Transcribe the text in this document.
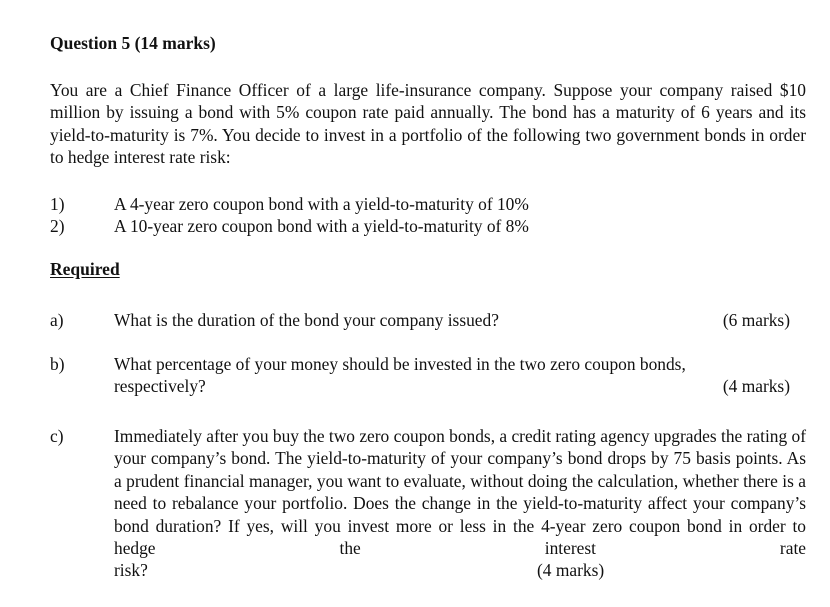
Question 5 (14 marks)

You are a Chief Finance Officer of a large life-insurance company. Suppose your company raised $10 million by issuing a bond with 5% coupon rate paid annually. The bond has a maturity of 6 years and its yield-to-maturity is 7%. You decide to invest in a portfolio of the following two government bonds in order to hedge interest rate risk:

1)	A 4-year zero coupon bond with a yield-to-maturity of 10%
2)	A 10-year zero coupon bond with a yield-to-maturity of 8%
Required
a)	What is the duration of the bond your company issued?	(6 marks)
b)	What percentage of your money should be invested in the two zero coupon bonds,

respectively?	(4 marks)
c)	Immediately after you buy the two zero coupon bonds, a credit rating agency upgrades the rating of your company’s bond. The yield-to-maturity of your company’s bond drops by 75 basis points. As a prudent financial manager, you want to evaluate, without doing the calculation, whether there is a need to rebalance your portfolio. Does the change in the yield-to-maturity affect your company’s bond duration? If yes, will you invest more or less in the 4-year zero coupon bond in order to hedge the interest rate

risk?	(4 marks)
